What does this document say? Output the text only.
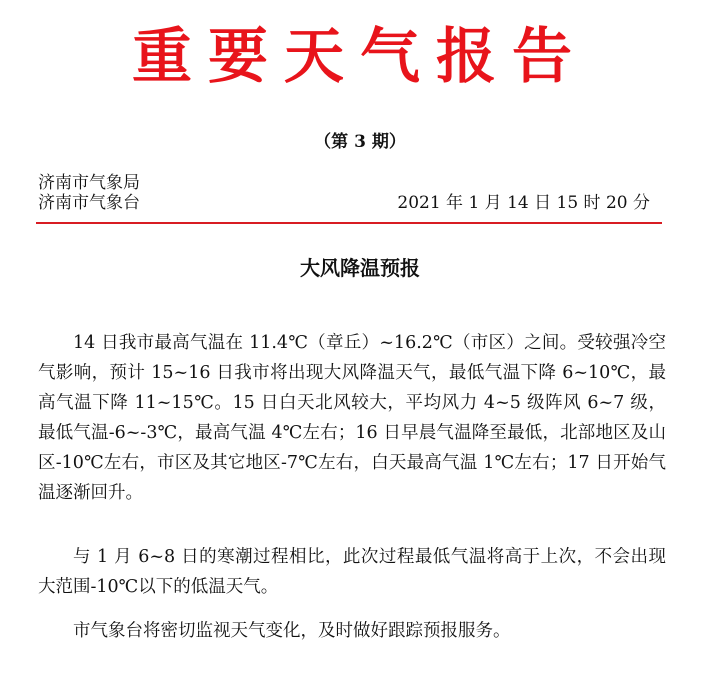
重要天气报告
（第 3 期）
济南市气象局
济南市气象台	2021 年 1 月 14 日 15 时 20 分
大风降温预报

14 日我市最高气温在 11.4℃（章丘）~16.2℃（市区）之间。受较强冷空气影响，预计 15~16 日我市将出现大风降温天气，最低气温下降 6~10℃，最高气温下降 11~15℃。15 日白天北风较大，平均风力 4~5 级阵风 6~7 级，最低气温-6~-3℃，最高气温 4℃左右；16 日早晨气温降至最低，北部地区及山区-10℃左右，市区及其它地区-7℃左右，白天最高气温 1℃左右；17 日开始气温逐渐回升。

与 1 月 6~8 日的寒潮过程相比，此次过程最低气温将高于上次，不会出现大范围-10℃以下的低温天气。

市气象台将密切监视天气变化，及时做好跟踪预报服务。
